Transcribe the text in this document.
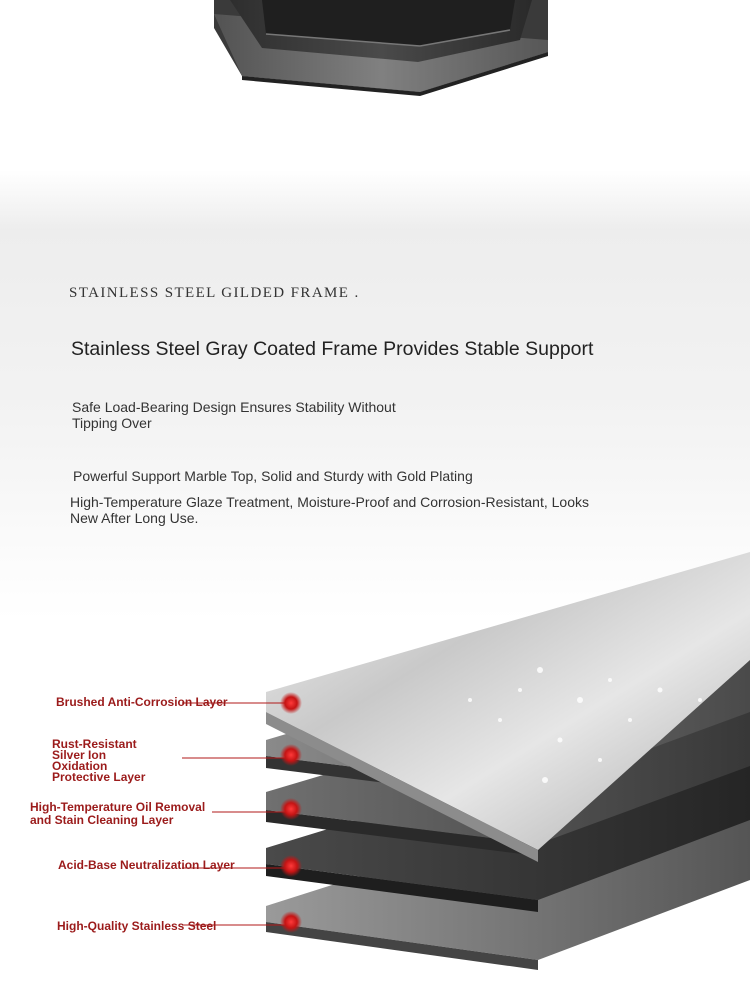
STAINLESS STEEL GILDED FRAME .
Stainless Steel Gray Coated Frame Provides Stable Support
Safe Load-Bearing Design Ensures Stability Without
Tipping Over
Powerful Support Marble Top, Solid and Sturdy with Gold Plating
High-Temperature Glaze Treatment, Moisture-Proof and Corrosion-Resistant, Looks
New After Long Use.
Brushed Anti-Corrosion Layer
Rust-Resistant
Silver Ion
Oxidation
Protective Layer
High-Temperature Oil Removal
and Stain Cleaning Layer
Acid-Base Neutralization Layer
High-Quality Stainless Steel
